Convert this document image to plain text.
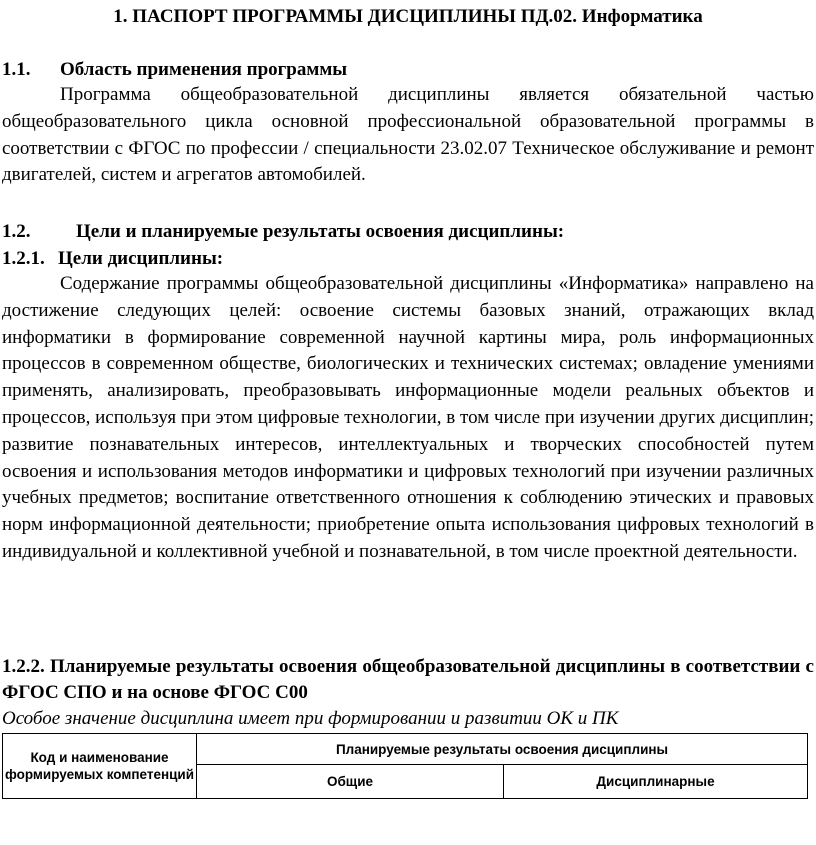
1. ПАСПОРТ ПРОГРАММЫ ДИСЦИПЛИНЫ ПД.02. Информатика
1.1. Область применения программы
Программа общеобразовательной дисциплины является обязательной частью общеобразовательного цикла основной профессиональной образовательной программы в соответствии с ФГОС по профессии / специальности 23.02.07 Техническое обслуживание и ремонт двигателей, систем и агрегатов автомобилей.
1.2. Цели и планируемые результаты освоения дисциплины:
1.2.1. Цели дисциплины:
Содержание программы общеобразовательной дисциплины «Информатика» направлено на достижение следующих целей: освоение системы базовых знаний, отражающих вклад информатики в формирование современной научной картины мира, роль информационных процессов в современном обществе, биологических и технических системах; овладение умениями применять, анализировать, преобразовывать информационные модели реальных объектов и процессов, используя при этом цифровые технологии, в том числе при изучении других дисциплин; развитие познавательных интересов, интеллектуальных и творческих способностей путем освоения и использования методов информатики и цифровых технологий при изучении различных учебных предметов; воспитание ответственного отношения к соблюдению этических и правовых норм информационной деятельности; приобретение опыта использования цифровых технологий в индивидуальной и коллективной учебной и познавательной, в том числе проектной деятельности.
1.2.2. Планируемые результаты освоения общеобразовательной дисциплины в соответствии с ФГОС СПО и на основе ФГОС С00
Особое значение дисциплина имеет при формировании и развитии ОК и ПК
Код и наименование формируемых компетенций	Планируемые результаты освоения дисциплины	
	Общие	Дисциплинарные
